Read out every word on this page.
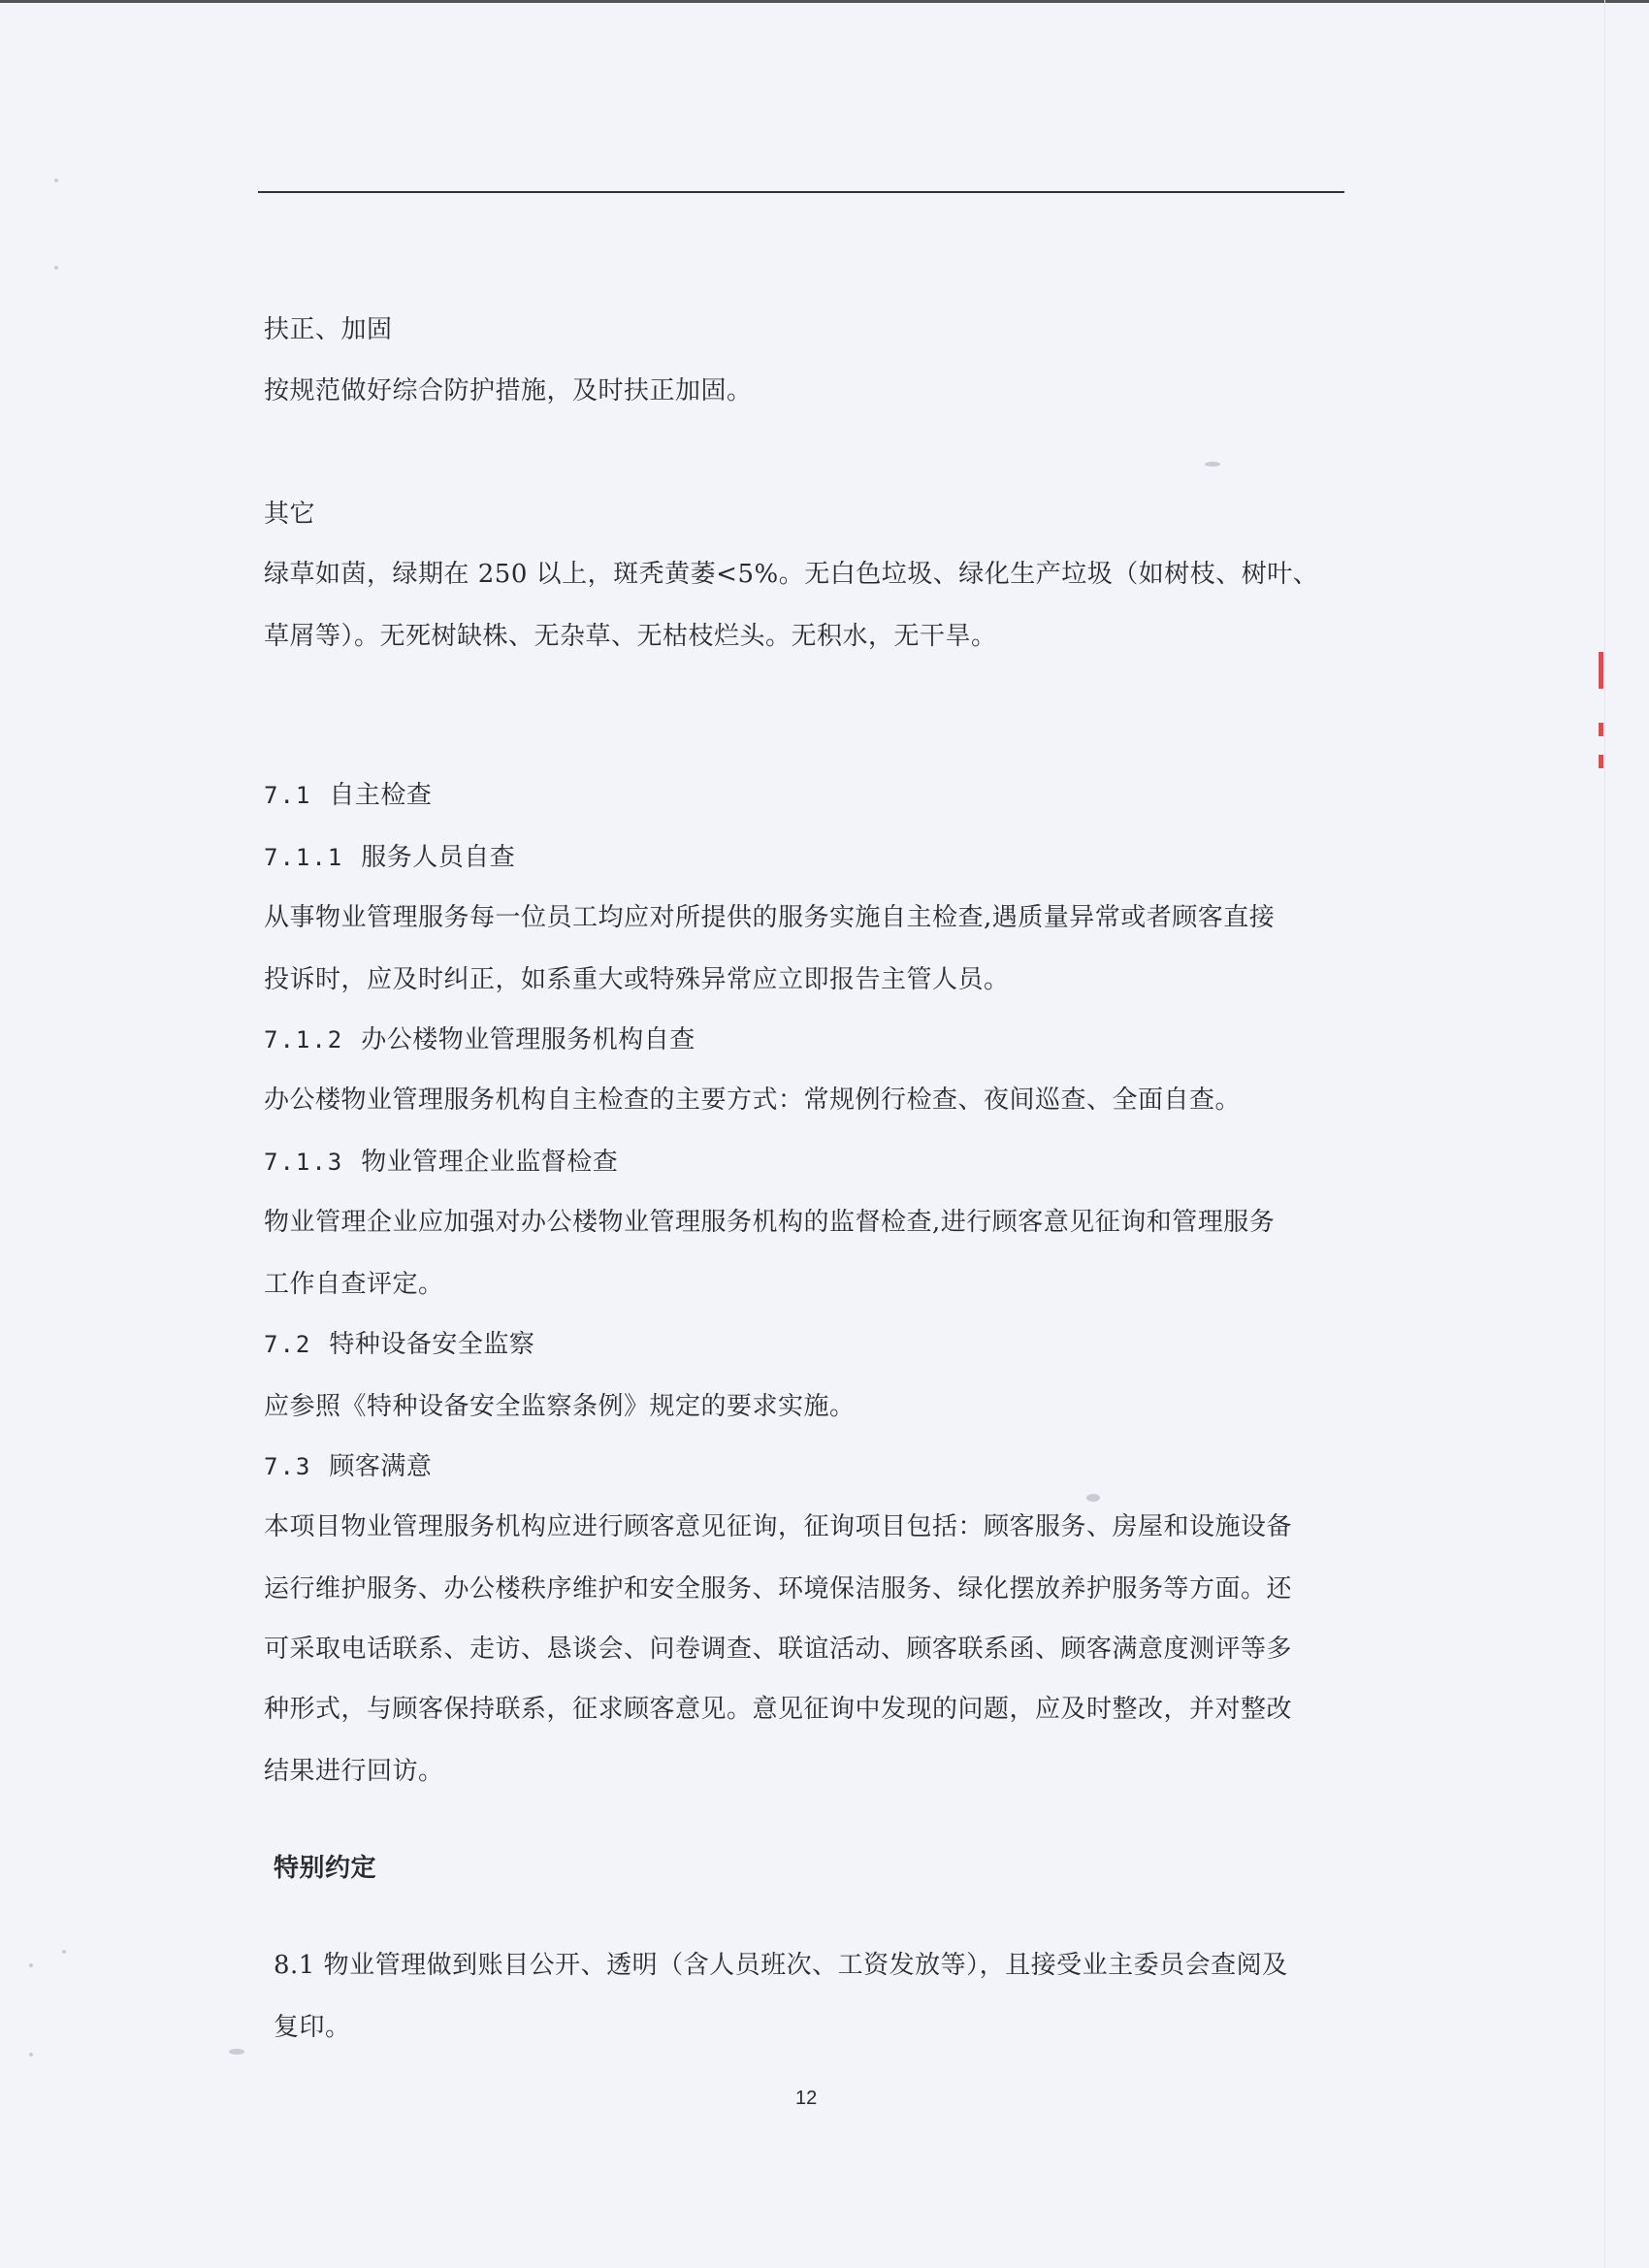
扶正、加固
按规范做好综合防护措施，及时扶正加固。
其它
绿草如茵，绿期在 250 以上，斑秃黄萎<5%。无白色垃圾、绿化生产垃圾（如树枝、树叶、
草屑等）。无死树缺株、无杂草、无枯枝烂头。无积水，无干旱。
7.1 自主检查
7.1.1 服务人员自查
从事物业管理服务每一位员工均应对所提供的服务实施自主检查,遇质量异常或者顾客直接
投诉时，应及时纠正，如系重大或特殊异常应立即报告主管人员。
7.1.2 办公楼物业管理服务机构自查
办公楼物业管理服务机构自主检查的主要方式：常规例行检查、夜间巡查、全面自查。
7.1.3 物业管理企业监督检查
物业管理企业应加强对办公楼物业管理服务机构的监督检查,进行顾客意见征询和管理服务
工作自查评定。
7.2 特种设备安全监察
应参照《特种设备安全监察条例》规定的要求实施。
7.3 顾客满意
本项目物业管理服务机构应进行顾客意见征询，征询项目包括：顾客服务、房屋和设施设备
运行维护服务、办公楼秩序维护和安全服务、环境保洁服务、绿化摆放养护服务等方面。还
可采取电话联系、走访、恳谈会、问卷调查、联谊活动、顾客联系函、顾客满意度测评等多
种形式，与顾客保持联系，征求顾客意见。意见征询中发现的问题，应及时整改，并对整改
结果进行回访。
特别约定
8.1 物业管理做到账目公开、透明（含人员班次、工资发放等），且接受业主委员会查阅及
复印。
12
